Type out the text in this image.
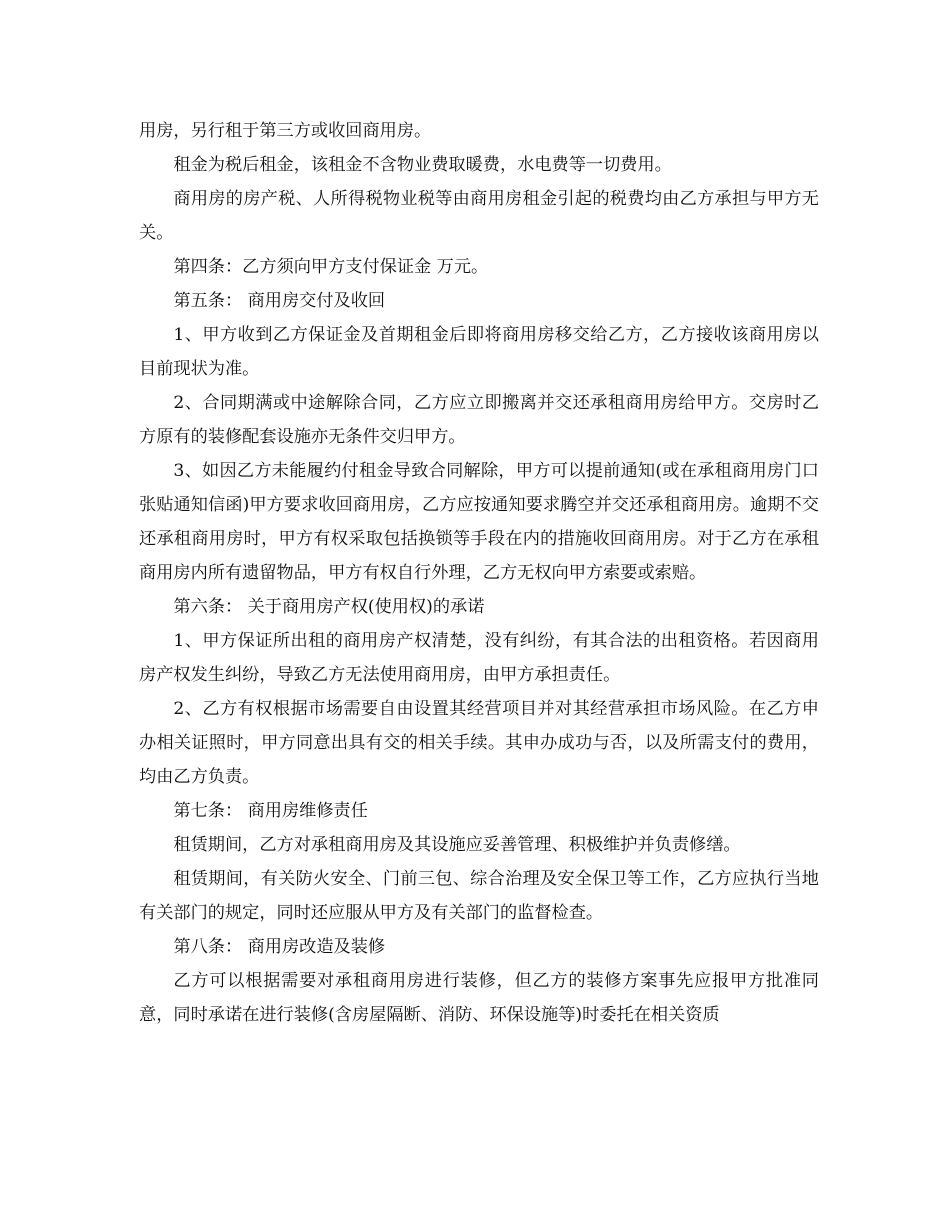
用房，另行租于第三方或收回商用房。

租金为税后租金，该租金不含物业费取暖费，水电费等一切费用。

商用房的房产税、人所得税物业税等由商用房租金引起的税费均由乙方承担与甲方无关。

第四条：乙方须向甲方支付保证金 万元。

第五条： 商用房交付及收回

1、甲方收到乙方保证金及首期租金后即将商用房移交给乙方，乙方接收该商用房以目前现状为准。

2、合同期满或中途解除合同，乙方应立即搬离并交还承租商用房给甲方。交房时乙方原有的装修配套设施亦无条件交归甲方。

3、如因乙方未能履约付租金导致合同解除，甲方可以提前通知(或在承租商用房门口张贴通知信函)甲方要求收回商用房，乙方应按通知要求腾空并交还承租商用房。逾期不交还承租商用房时，甲方有权采取包括换锁等手段在内的措施收回商用房。对于乙方在承租商用房内所有遗留物品，甲方有权自行外理，乙方无权向甲方索要或索赔。

第六条： 关于商用房产权(使用权)的承诺

1、甲方保证所出租的商用房产权清楚，没有纠纷，有其合法的出租资格。若因商用房产权发生纠纷，导致乙方无法使用商用房，由甲方承担责任。

2、乙方有权根据市场需要自由设置其经营项目并对其经营承担市场风险。在乙方申办相关证照时，甲方同意出具有交的相关手续。其申办成功与否，以及所需支付的费用，均由乙方负责。

第七条： 商用房维修责任

租赁期间，乙方对承租商用房及其设施应妥善管理、积极维护并负责修缮。

租赁期间，有关防火安全、门前三包、综合治理及安全保卫等工作，乙方应执行当地有关部门的规定，同时还应服从甲方及有关部门的监督检查。

第八条： 商用房改造及装修

乙方可以根据需要对承租商用房进行装修，但乙方的装修方案事先应报甲方批准同意，同时承诺在进行装修(含房屋隔断、消防、环保设施等)时委托在相关资质
